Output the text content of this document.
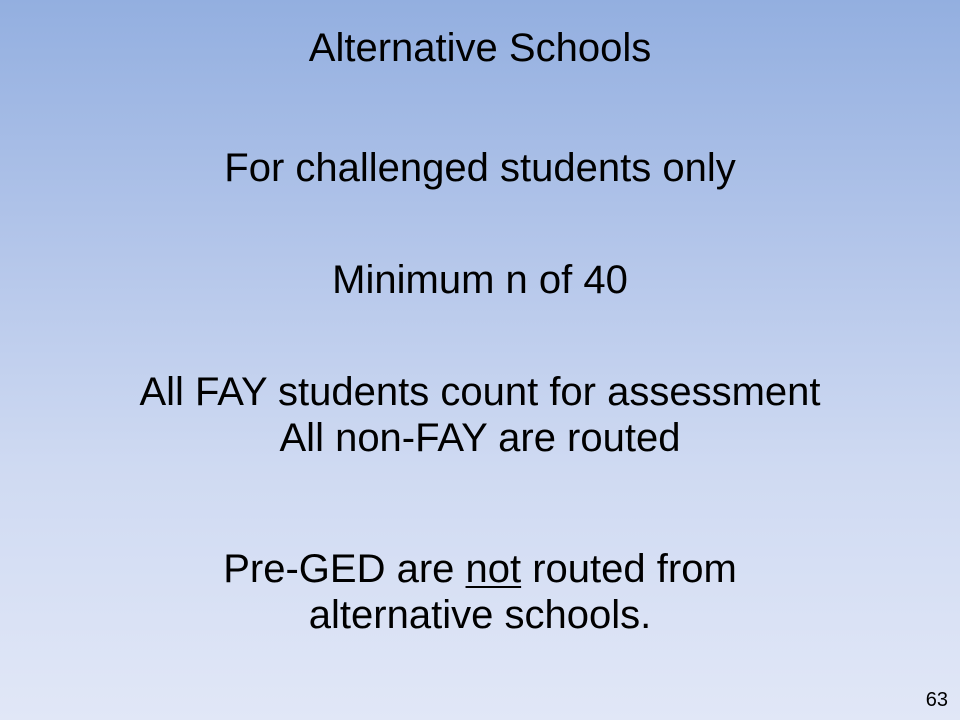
Alternative Schools
For challenged students only
Minimum n of 40
All FAY students count for assessment
All non-FAY are routed
Pre-GED are not routed from
alternative schools.
63
